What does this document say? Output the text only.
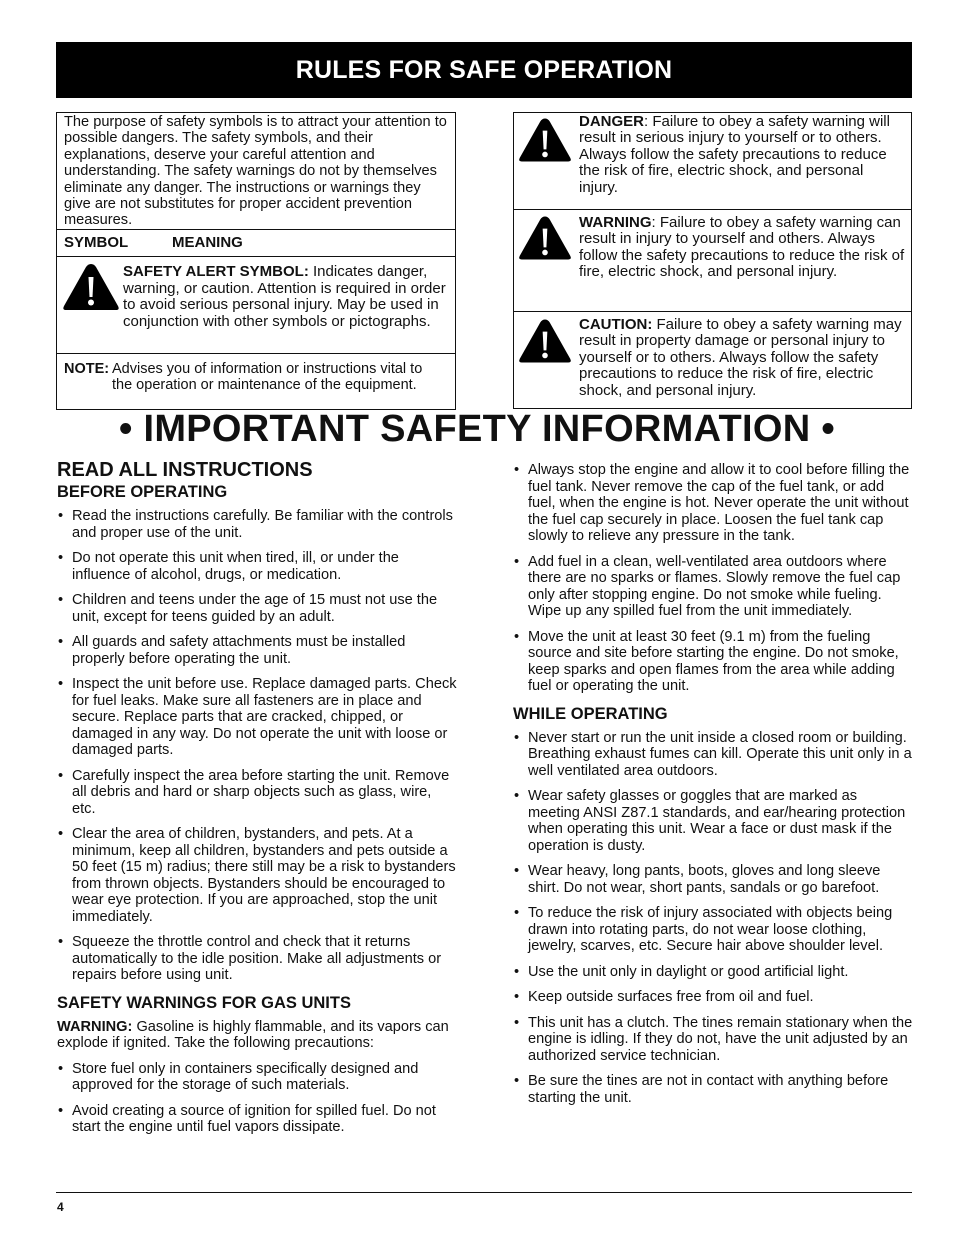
RULES FOR SAFE OPERATION
The purpose of safety symbols is to attract your attention to possible dangers. The safety symbols, and their explanations, deserve your careful attention and understanding. The safety warnings do not by themselves eliminate any danger. The instructions or warnings they give are not substitutes for proper accident prevention measures.
SYMBOL	MEANING
SAFETY ALERT SYMBOL: Indicates danger, warning, or caution. Attention is required in order to avoid serious personal injury. May be used in conjunction with other symbols or pictographs.
NOTE: Advises you of information or instructions vital to
the operation or maintenance of the equipment.
DANGER: Failure to obey a safety warning will result in serious injury to yourself or to others. Always follow the safety precautions to reduce the risk of fire, electric shock, and personal injury.
WARNING: Failure to obey a safety warning can result in injury to yourself and others. Always follow the safety precautions to reduce the risk of fire, electric shock, and personal injury.
CAUTION: Failure to obey a safety warning may result in property damage or personal injury to yourself or to others. Always follow the safety precautions to reduce the risk of fire, electric shock, and personal injury.
• IMPORTANT SAFETY INFORMATION •
READ ALL INSTRUCTIONS
BEFORE OPERATING
• Read the instructions carefully. Be familiar with the controls and proper use of the unit.
• Do not operate this unit when tired, ill, or under the influence of alcohol, drugs, or medication.
• Children and teens under the age of 15 must not use the unit, except for teens guided by an adult.
• All guards and safety attachments must be installed properly before operating the unit.
• Inspect the unit before use. Replace damaged parts. Check for fuel leaks. Make sure all fasteners are in place and secure. Replace parts that are cracked, chipped, or damaged in any way. Do not operate the unit with loose or damaged parts.
• Carefully inspect the area before starting the unit. Remove all debris and hard or sharp objects such as glass, wire, etc.
• Clear the area of children, bystanders, and pets. At a minimum, keep all children, bystanders and pets outside a 50 feet (15 m) radius; there still may be a risk to bystanders from thrown objects. Bystanders should be encouraged to wear eye protection. If you are approached, stop the unit immediately.
• Squeeze the throttle control and check that it returns automatically to the idle position. Make all adjustments or repairs before using unit.
SAFETY WARNINGS FOR GAS UNITS

WARNING: Gasoline is highly flammable, and its vapors can explode if ignited. Take the following precautions:

• Store fuel only in containers specifically designed and approved for the storage of such materials.
• Avoid creating a source of ignition for spilled fuel. Do not start the engine until fuel vapors dissipate.
• Always stop the engine and allow it to cool before filling the fuel tank. Never remove the cap of the fuel tank, or add fuel, when the engine is hot. Never operate the unit without the fuel cap securely in place. Loosen the fuel tank cap slowly to relieve any pressure in the tank.
• Add fuel in a clean, well-ventilated area outdoors where there are no sparks or flames. Slowly remove the fuel cap only after stopping engine. Do not smoke while fueling. Wipe up any spilled fuel from the unit immediately.
• Move the unit at least 30 feet (9.1 m) from the fueling source and site before starting the engine. Do not smoke, keep sparks and open flames from the area while adding fuel or operating the unit.
WHILE OPERATING
• Never start or run the unit inside a closed room or building. Breathing exhaust fumes can kill. Operate this unit only in a well ventilated area outdoors.
• Wear safety glasses or goggles that are marked as meeting ANSI Z87.1 standards, and ear/hearing protection when operating this unit. Wear a face or dust mask if the operation is dusty.
• Wear heavy, long pants, boots, gloves and long sleeve shirt. Do not wear, short pants, sandals or go barefoot.
• To reduce the risk of injury associated with objects being drawn into rotating parts, do not wear loose clothing, jewelry, scarves, etc. Secure hair above shoulder level.
• Use the unit only in daylight or good artificial light.
• Keep outside surfaces free from oil and fuel.
• This unit has a clutch. The tines remain stationary when the engine is idling. If they do not, have the unit adjusted by an authorized service technician.
• Be sure the tines are not in contact with anything before starting the unit.
4
